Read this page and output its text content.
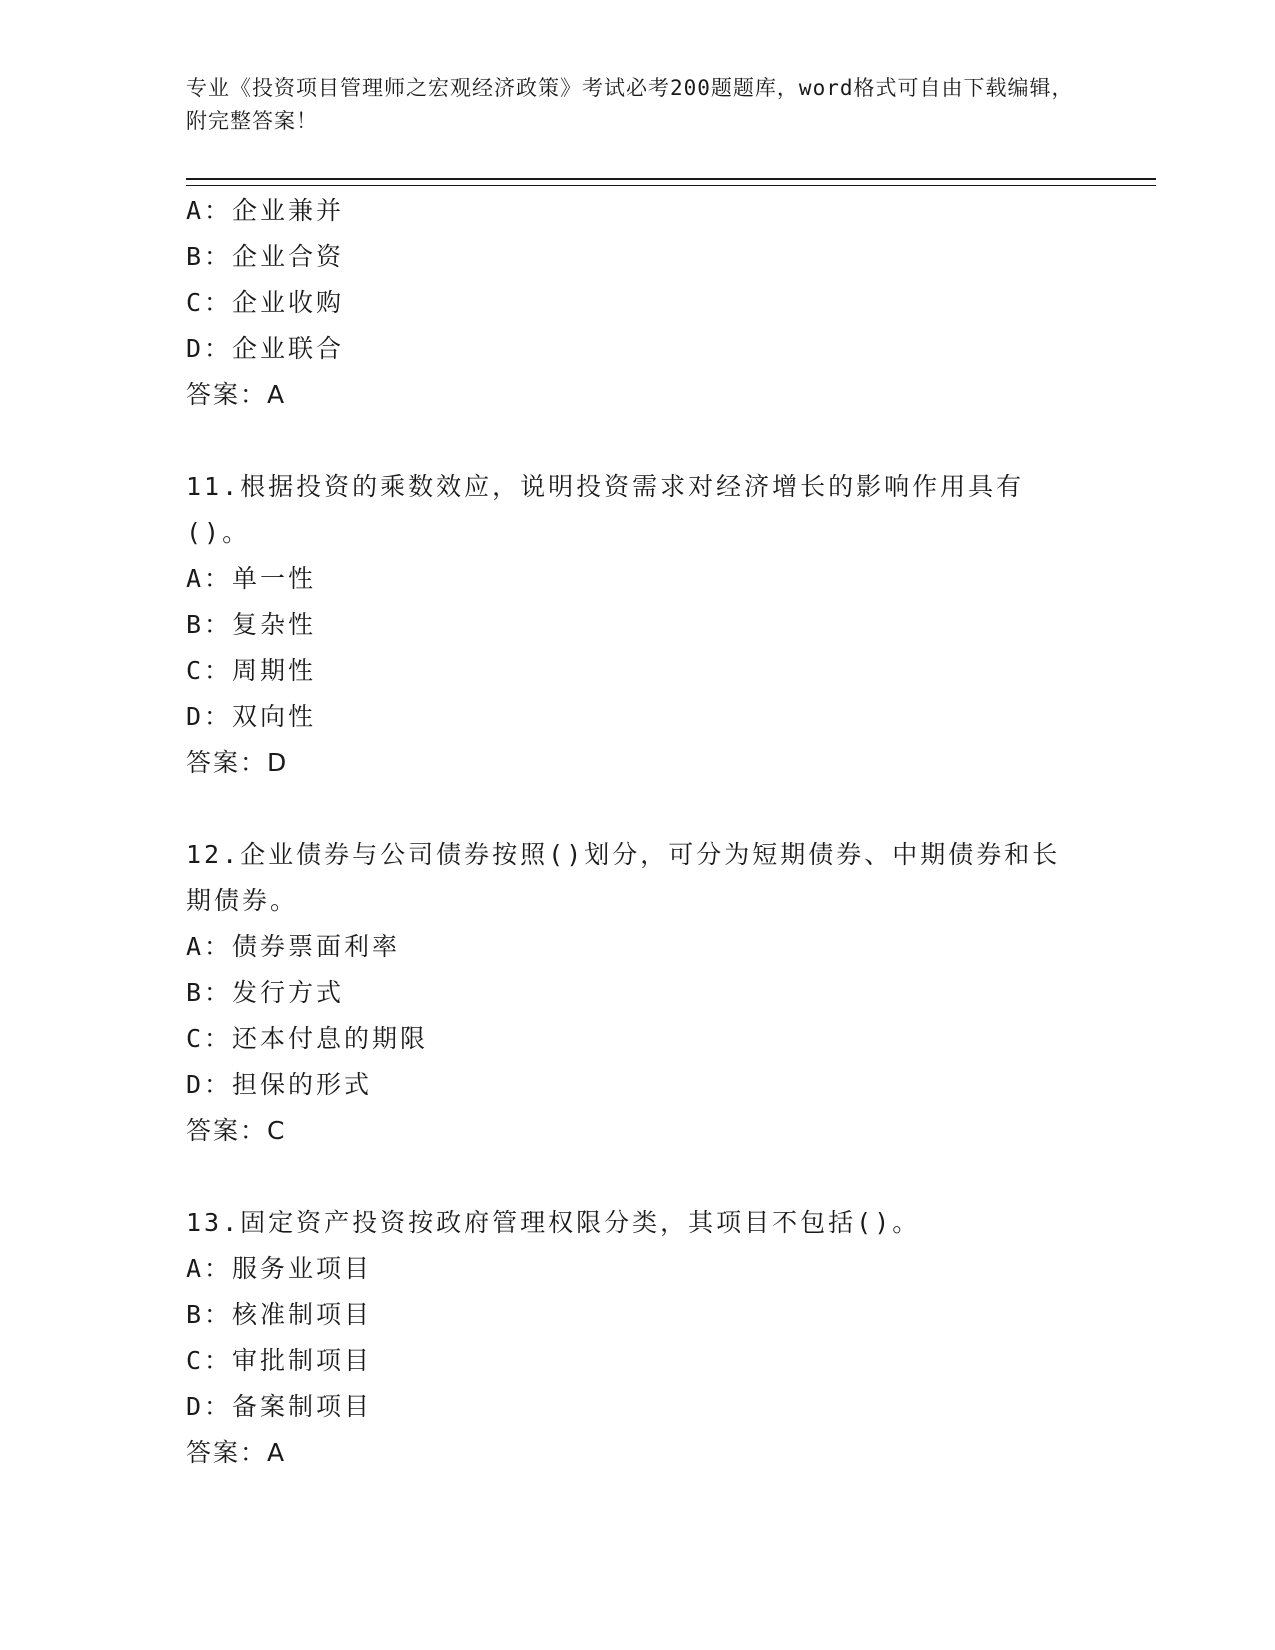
专业《投资项目管理师之宏观经济政策》考试必考200题题库，word格式可自由下载编辑，附完整答案！
A：企业兼并
B：企业合资
C：企业收购
D：企业联合
答案：A
11.根据投资的乘数效应，说明投资需求对经济增长的影响作用具有()。
A：单一性
B：复杂性
C：周期性
D：双向性
答案：D
12.企业债券与公司债券按照()划分，可分为短期债券、中期债券和长期债券。
A：债券票面利率
B：发行方式
C：还本付息的期限
D：担保的形式
答案：C
13.固定资产投资按政府管理权限分类，其项目不包括()。
A：服务业项目
B：核准制项目
C：审批制项目
D：备案制项目
答案：A
